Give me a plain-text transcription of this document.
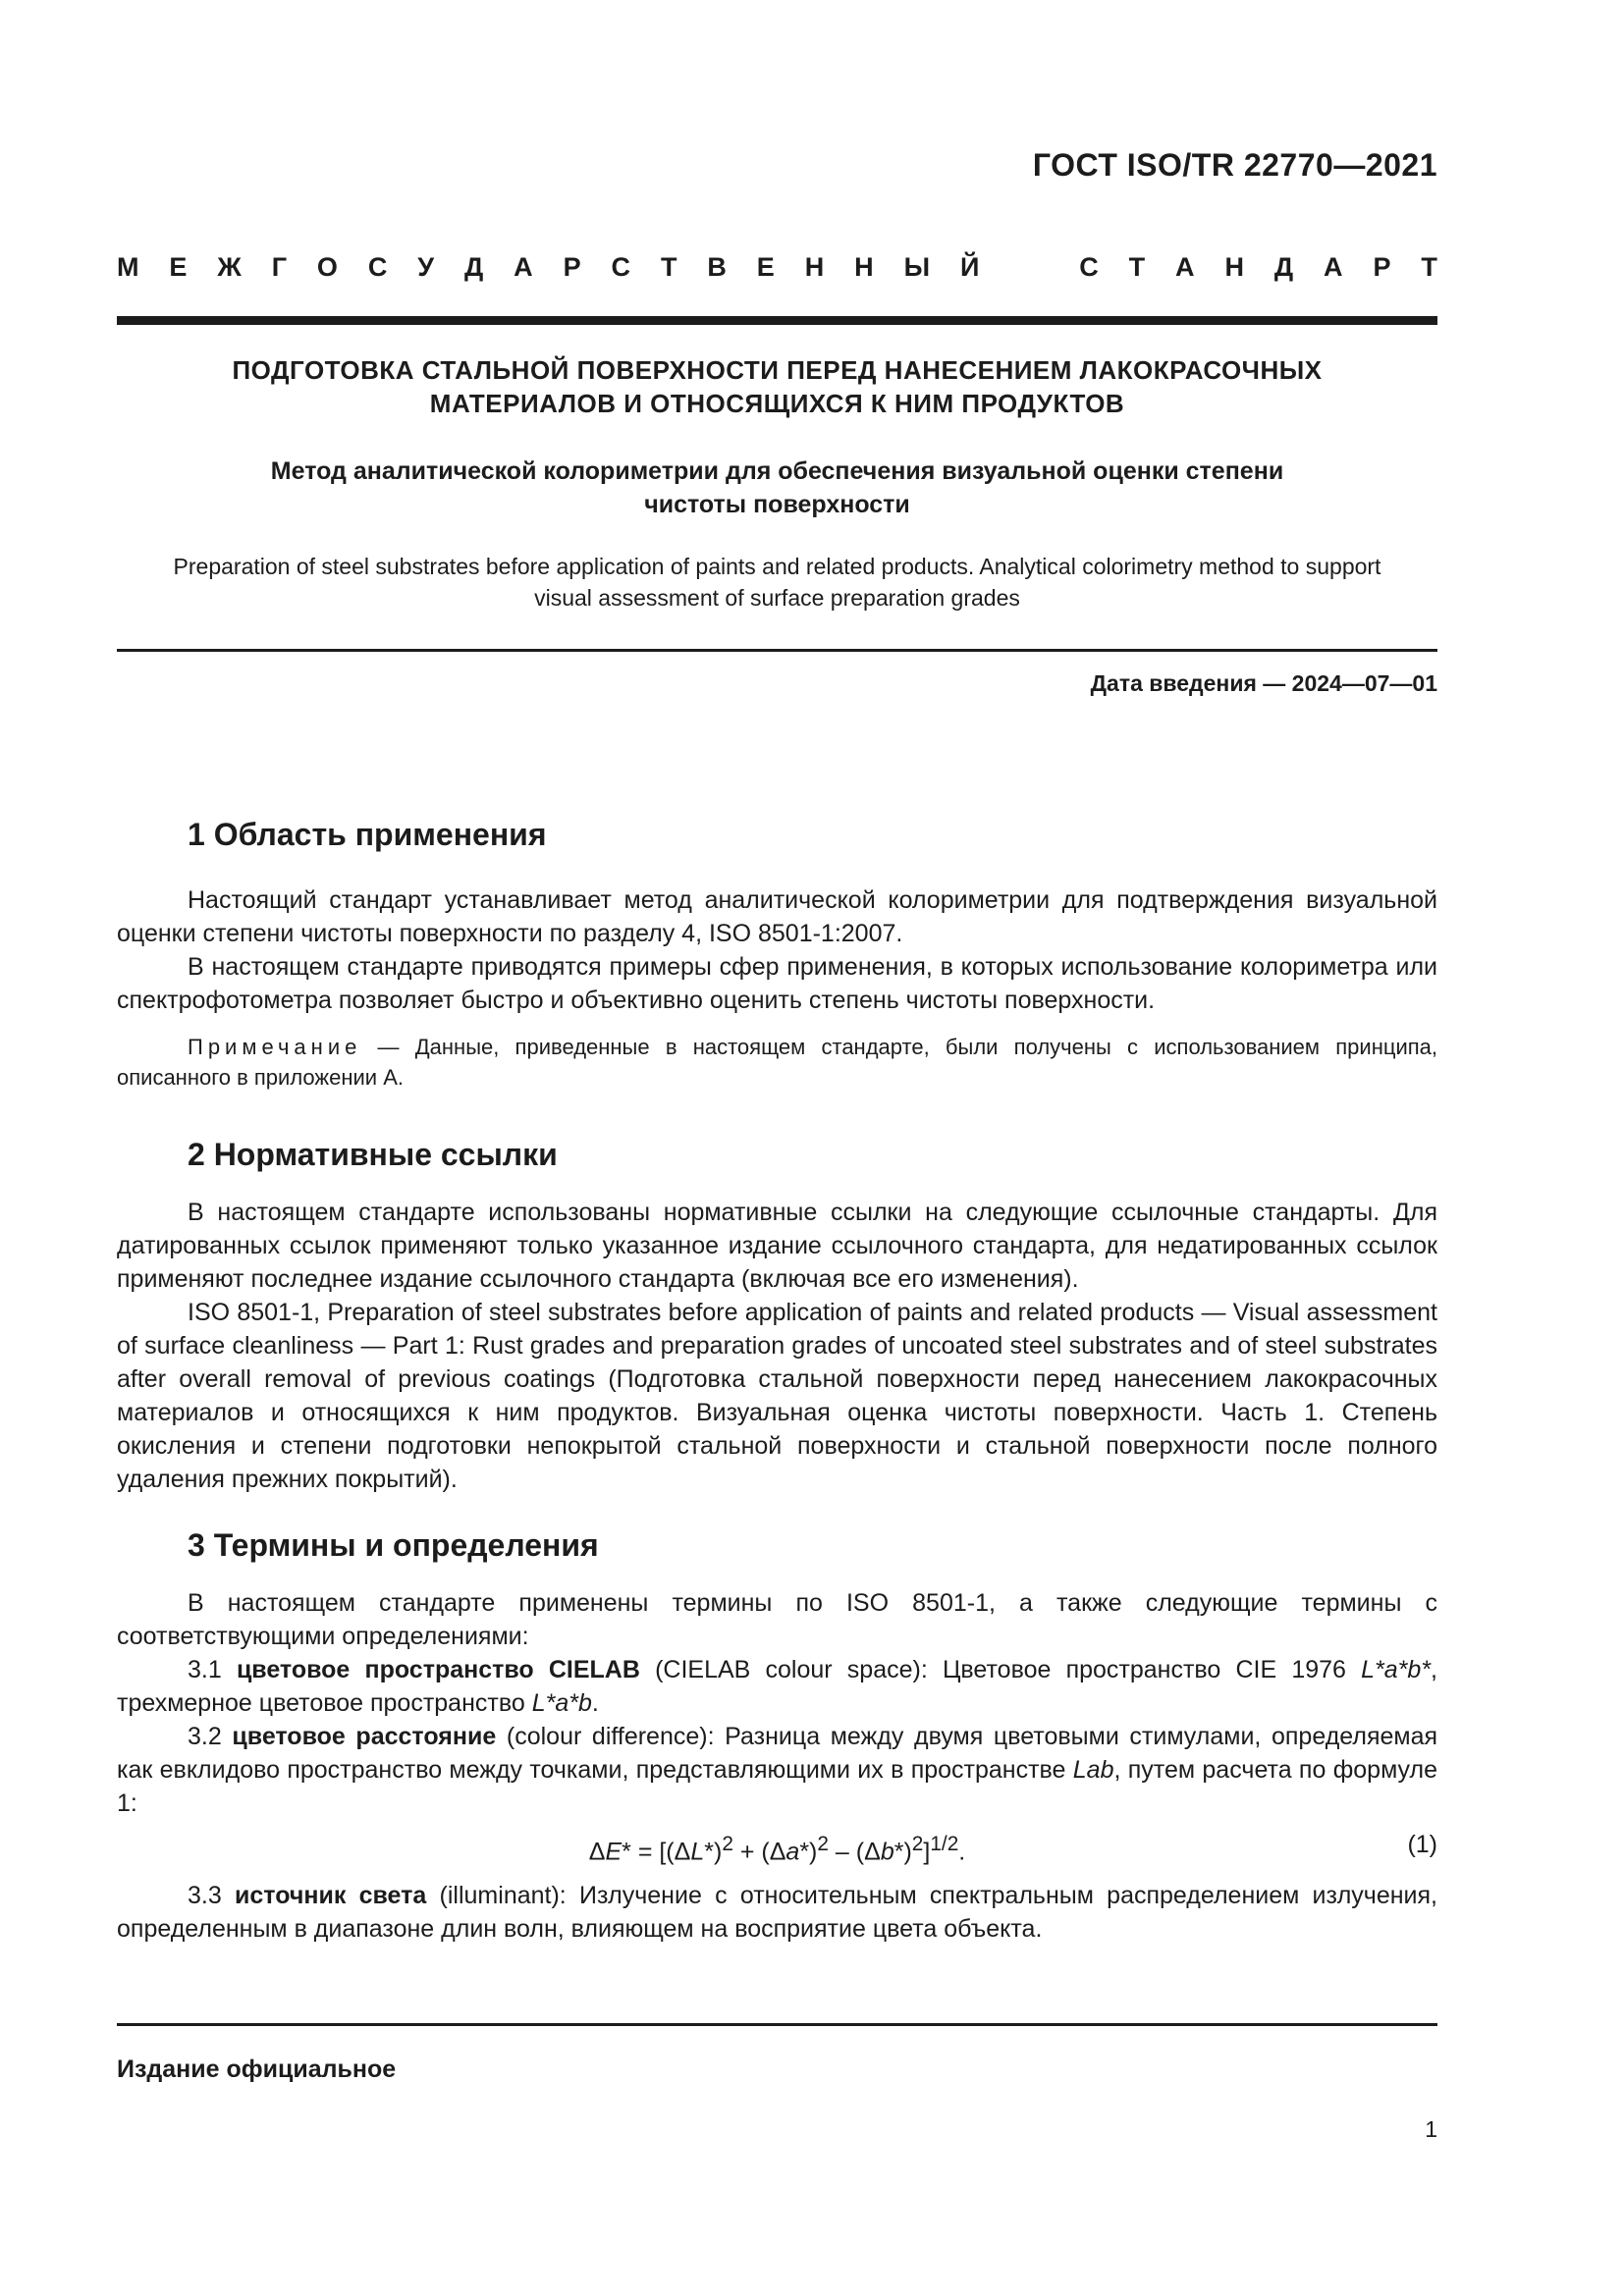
ГОСТ ISO/TR 22770—2021
М Е Ж Г О С У Д А Р С Т В Е Н Н Ы Й	С Т А Н Д А Р Т
ПОДГОТОВКА СТАЛЬНОЙ ПОВЕРХНОСТИ ПЕРЕД НАНЕСЕНИЕМ ЛАКОКРАСОЧНЫХ
МАТЕРИАЛОВ И ОТНОСЯЩИХСЯ К НИМ ПРОДУКТОВ
Метод аналитической колориметрии для обеспечения визуальной оценки степени
чистоты поверхности
Preparation of steel substrates before application of paints and related products. Analytical colorimetry method to support
visual assessment of surface preparation grades
Дата введения — 2024—07—01
1 Область применения

Настоящий стандарт устанавливает метод аналитической колориметрии для подтверждения визуальной оценки степени чистоты поверхности по разделу 4, ISO 8501-1:2007.

В настоящем стандарте приводятся примеры сфер применения, в которых использование колориметра или спектрофотометра позволяет быстро и объективно оценить степень чистоты поверхности.

Примечание — Данные, приведенные в настоящем стандарте, были получены с использованием принципа, описанного в приложении А.

2 Нормативные ссылки

В настоящем стандарте использованы нормативные ссылки на следующие ссылочные стандарты. Для датированных ссылок применяют только указанное издание ссылочного стандарта, для недатированных ссылок применяют последнее издание ссылочного стандарта (включая все его изменения).

ISO 8501-1, Preparation of steel substrates before application of paints and related products — Visual assessment of surface cleanliness — Part 1: Rust grades and preparation grades of uncoated steel substrates and of steel substrates after overall removal of previous coatings (Подготовка стальной поверхности перед нанесением лакокрасочных материалов и относящихся к ним продуктов. Визуальная оценка чистоты поверхности. Часть 1. Степень окисления и степени подготовки непокрытой стальной поверхности и стальной поверхности после полного удаления прежних покрытий).

3 Термины и определения

В настоящем стандарте применены термины по ISO 8501-1, а также следующие термины с соответствующими определениями:

3.1 цветовое пространство CIELAB (CIELAB colour space): Цветовое пространство CIE 1976 L*a*b*, трехмерное цветовое пространство L*a*b.

3.2 цветовое расстояние (colour difference): Разница между двумя цветовыми стимулами, определяемая как евклидово пространство между точками, представляющими их в пространстве Lab, путем расчета по формуле 1:

$\Delta E* = [(\Delta L*)^2 + (\Delta a*)^2 - (\Delta b*)^2]^{1/2}$.	(1)

3.3 источник света (illuminant): Излучение с относительным спектральным распределением излучения, определенным в диапазоне длин волн, влияющем на восприятие цвета объекта.

Издание официальное
1
